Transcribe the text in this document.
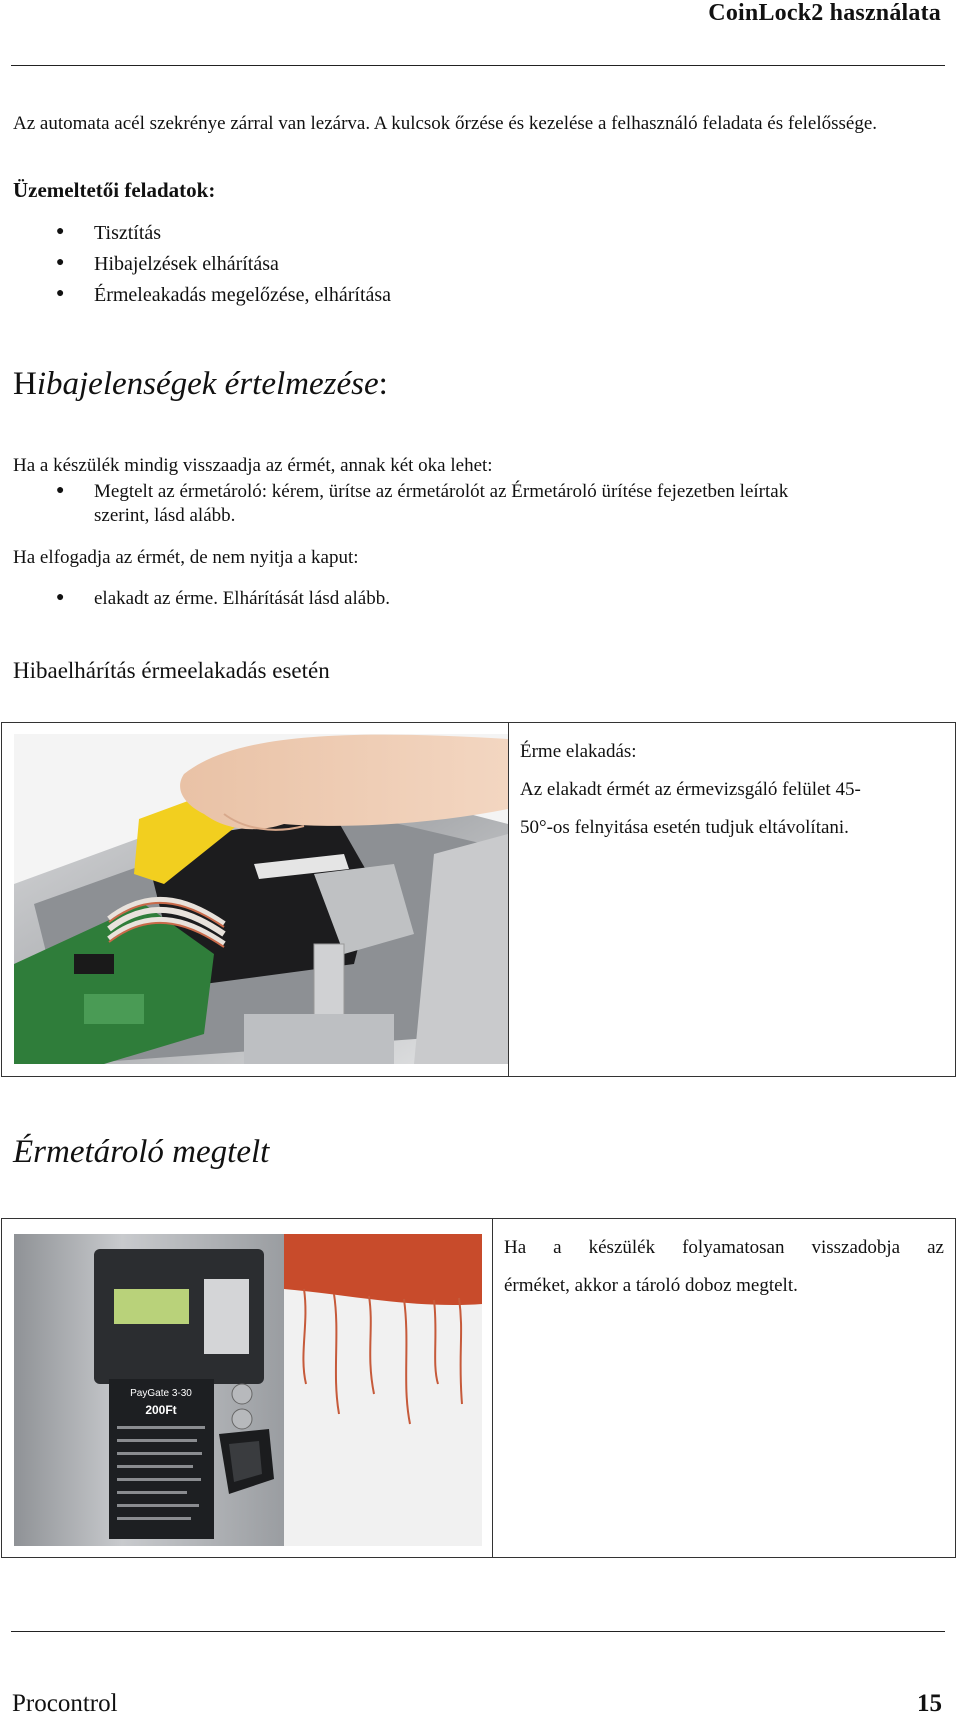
CoinLock2 használata
Az automata acél szekrénye zárral van lezárva. A kulcsok őrzése és kezelése a felhasználó feladata és felelőssége.
Üzemeltetői feladatok:
● Tisztítás
● Hibajelzések elhárítása
● Érmeleakadás megelőzése, elhárítása
Hibajelenségek értelmezése:
Ha a készülék mindig visszaadja az érmét, annak két oka lehet:
● Megtelt az érmetároló: kérem, ürítse az érmetárolót az Érmetároló ürítése fejezetben leírtak
szerint, lásd alább.
Ha elfogadja az érmét, de nem nyitja a kaput:
● elakadt az érme. Elhárítását lásd alább.
Hibaelhárítás érmeelakadás esetén

Érme elakadás:
Az elakadt érmét az érmevizsgáló felület 45-
50°-os felnyitása esetén tudjuk eltávolítani.
Érmetároló megtelt
PayGate 3-30
200Ft

Ha a készülék folyamatosan visszadobja az
érméket, akkor a tároló doboz megtelt.
Procontrol	15
